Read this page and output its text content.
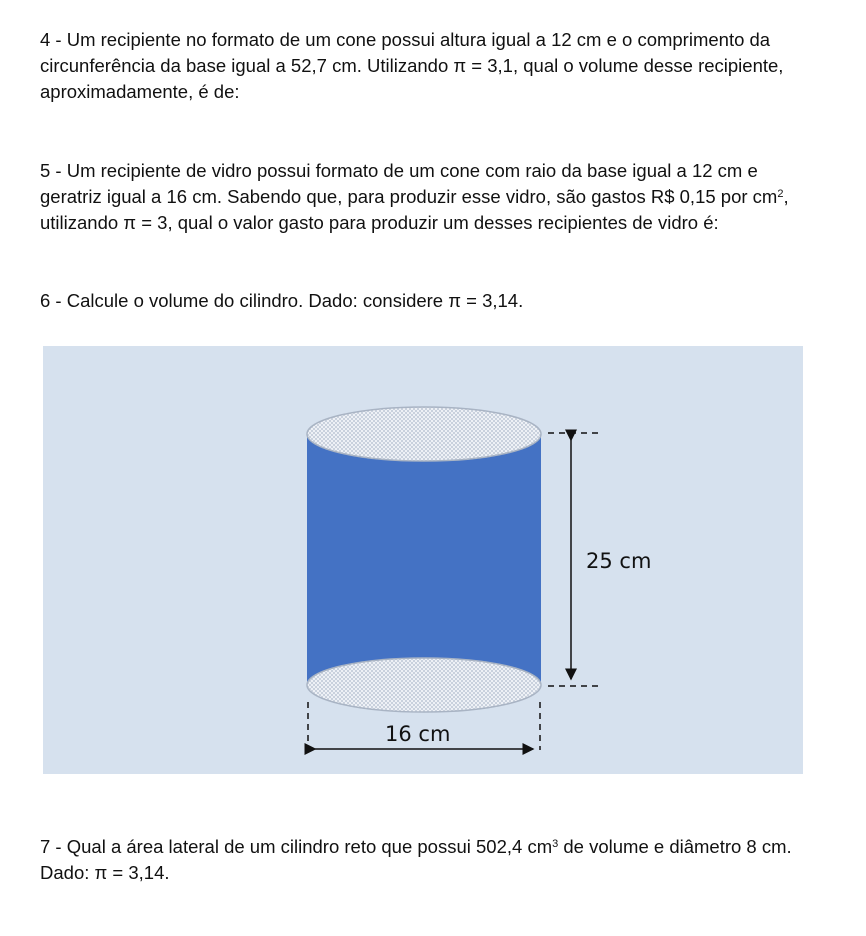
4 - Um recipiente no formato de um cone possui altura igual a 12 cm e o comprimento da

circunferência da base igual a 52,7 cm. Utilizando π = 3,1, qual o volume desse recipiente,

aproximadamente, é de:

5 - Um recipiente de vidro possui formato de um cone com raio da base igual a 12 cm e

geratriz igual a 16 cm. Sabendo que, para produzir esse vidro, são gastos R$ 0,15 por $cm^2$,

utilizando π = 3, qual o valor gasto para produzir um desses recipientes de vidro é:

6 - Calcule o volume do cilindro. Dado: considere π = 3,14.

25 cm
16 cm

7 - Qual a área lateral de um cilindro reto que possui 502,4 $cm^3$ de volume e diâmetro 8 cm.

Dado: π = 3,14.
